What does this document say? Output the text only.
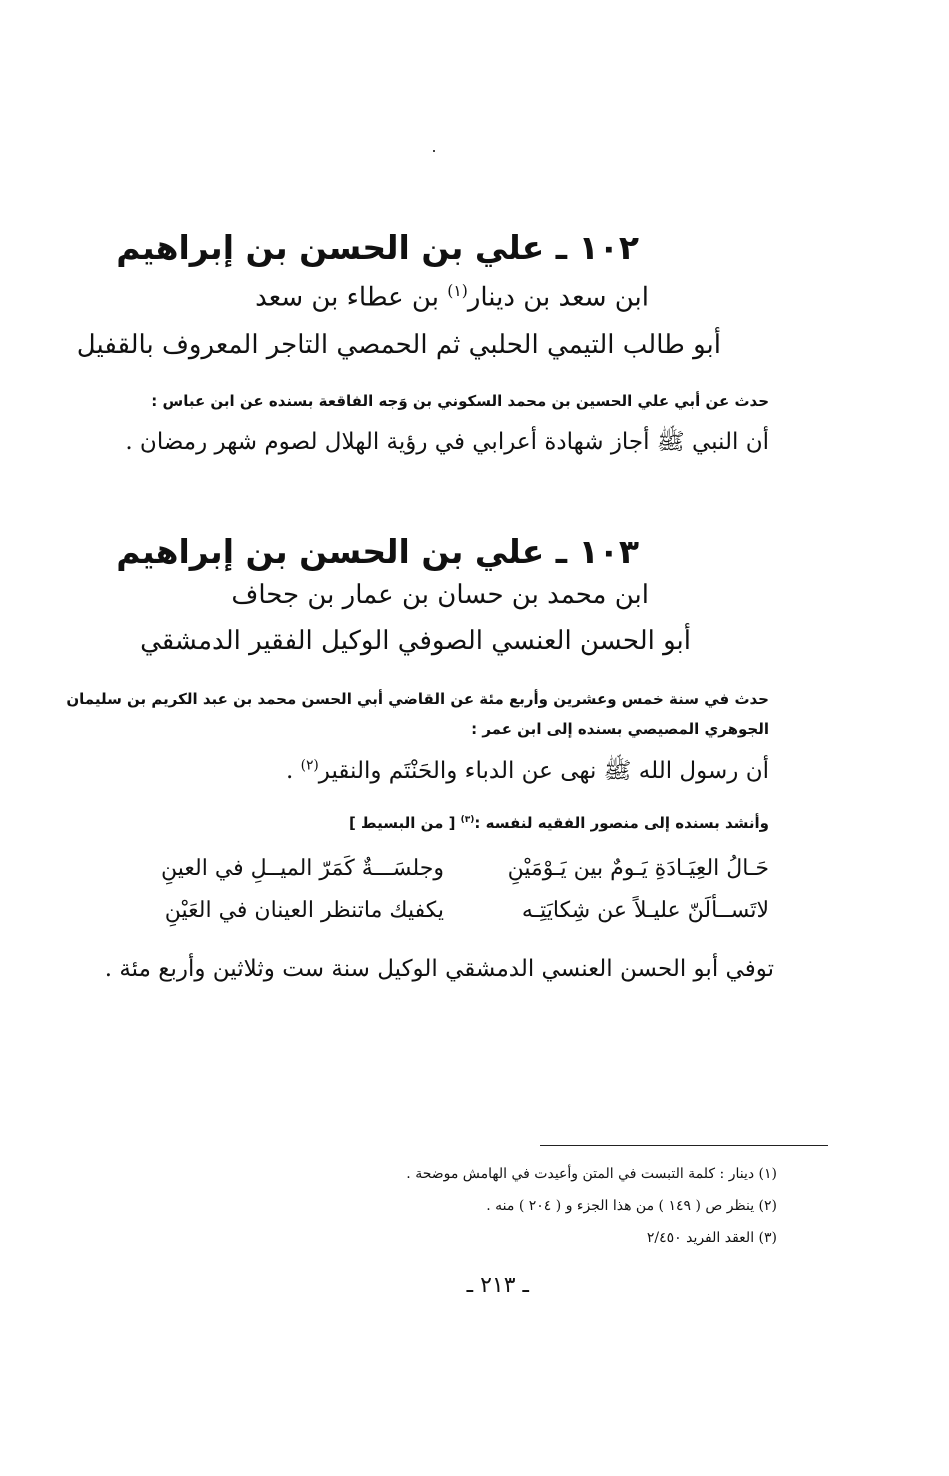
١٠٢ ـ علي بن الحسن بن إبراهيم
ابن سعد بن دينار$^{(١)}$ بن عطاء بن سعد
أبو طالب التيمي الحلبي ثم الحمصي التاجر المعروف بالقفيل
حدث عن أبي علي الحسين بن محمد السكوني بن وَجه الفاقعة بسنده عن ابن عباس :
أن النبي ﷺ أجاز شهادة أعرابي في رؤية الهلال لصوم شهر رمضان .
١٠٣ ـ علي بن الحسن بن إبراهيم
ابن محمد بن حسان بن عمار بن جحاف
أبو الحسن العنسي الصوفي الوكيل الفقير الدمشقي
حدث في سنة خمس وعشرين وأربع مئة عن القاضي أبي الحسن محمد بن عبد الكريم بن سليمان
الجوهري المصيصي بسنده إلى ابن عمر :
أن رسول الله ﷺ نهى عن الدباء والحَنْتَم والنقير$^{(٢)}$ .
وأنشد بسنده إلى منصور الفقيه لنفسه :$^{(٣)}$ [ من البسيط ]
حَـالُ العِيَـادَةِ يَـومٌ بين يَـوْمَيْنِ
وجلسَـــةٌ كَمَرّ الميــلِ في العينِ
لاتَســألَنّ عليـلاً عن شِكايَتِـه
يكفيك ماتنظر العينان في العَيْنِ
توفي أبو الحسن العنسي الدمشقي الوكيل سنة ست وثلاثين وأربع مئة .
(١) دينار : كلمة التبست في المتن وأعيدت في الهامش موضحة .
(٢) ينظر ص ( ١٤٩ ) من هذا الجزء و ( ٢٠٤ ) منه .
(٣) العقد الفريد ٢/٤٥٠
ـ ٢١٣ ـ
